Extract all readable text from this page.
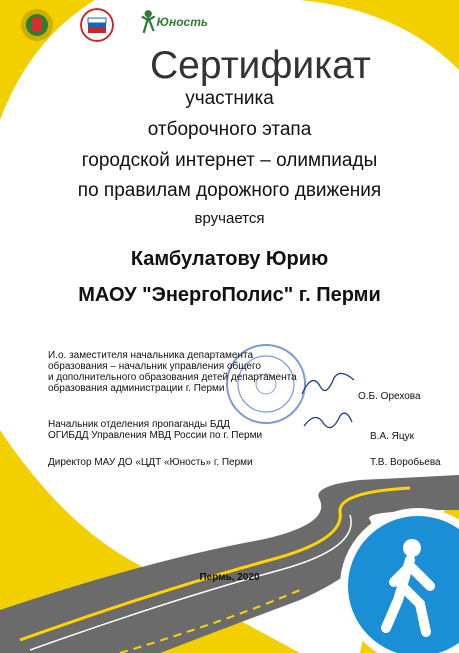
Юность
Сертификат
участника
отборочного этапа
городской интернет – олимпиады
по правилам дорожного движения
вручается
Камбулатову Юрию
МАОУ "ЭнергоПолис" г. Перми
И.о. заместителя начальника департамента
образования – начальник управления общего
и дополнительного образования детей департамента
образования администрации г. Перми
О.Б. Орехова
Начальник отделения пропаганды БДД
ОГИБДД Управления МВД России по г. Перми	В.А. Яцук
Директор МАУ ДО «ЦДТ «Юность» г. Перми	Т.В. Воробьева
Пермь, 2020
